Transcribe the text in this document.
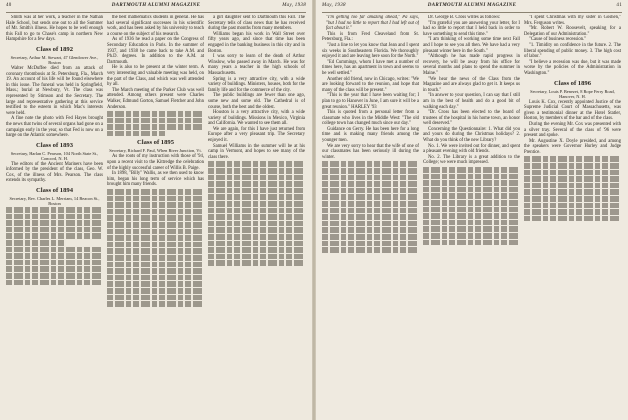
40	DARTMOUTH ALUMNI MAGAZINE	May, 1938

Smith was at her work, a teacher in the Nathan Hale School, but sends one out to all the Summer of Mr. Smith's illness. He hopes to be well enough this Fall to go to Chase's camp in northern New Hampshire for a few days.

Class of 1892
Secretary, Arthur M. Stewart, 47 Glendower Ave., Boston

Walter McDuffee died from an attack of coronary thrombosis at St. Petersburg, Fla., March 19. An account of his life will be found elsewhere in this issue. The funeral was held in Springfield, Mass.; burial at Newbury, Vt. The class was represented by Stimson and the Secretary. The large and representative gathering at this service testified to the esteem in which Mac's interests were held.

A fine note the photo with Fed Hayes brought the news that twins of several organs had gone on a campaign early in the year, so that Fed is now on a barge on the Atlantic somewhere.

Class of 1893
Secretary, Harlan C. Pearson, 104 North State St., Concord, N. H.

The editors of the Ancient Mariners have been informed by the president of the class, Geo. W. Cox, of the illness of Mrs. Pearson. The class extends its sympathy.

Class of 1894
Secretary, Rev. Charles L. Merriam, 14 Beacon St., Boston

the best mathematics students in general. He has had several significant successes in his scientific work, and has been asked by his university to teach a course on the subject of his research.

As of 1936 he read a paper on the Congress of Secondary Education in Paris. In the summer of 1937, and 1938 he came back to take A.M. and Ph.D. degrees. In addition to the A.M. at Dartmouth.

He is also to be present at the winter term. A very interesting and valuable meeting was held, on the part of the Class, and which was well attended by all.

The March meeting of the Parker Club was well attended. Among others present were Charles Walker, Edmund Gorton, Samuel Fletcher and John Anderson.

Class of 1895
Secretary, Richard F. Paul, When River Junction, Vt.

As the roots of my instruction with those of '94, upon a recent visit to the Kittredge the celebration of the highly successful career of Willis B. Paige.

In 1898, "Billy" Wallis, as we then used to know him, began his long term of service which has brought him many friends.

a girl daughter sent to Dartmouth this Fall. The Secretary tells of class news that he has received during the past months from many members.

Williams began his work in Wall Street over fifty years ago, and since that time has been engaged in the banking business in this city and in Boston.

I was sorry to learn of the death of Arthur Winslow, who passed away in March. He was for many years a teacher in the high schools of Massachusetts.

Spring is a very attractive city, with a wide variety of buildings. Ministers, houses, both for the family life and for the commerce of the city.

The public buildings are fewer than one ago, some new and some old. The Cathedral is of course, both the best and the oldest.

Houston is a very attractive city, with a wide variety of buildings. Missions in Mexico, Virginia and California. We wanted to see them all.

We are again, for this I have just returned from Europe after a very pleasant trip. The Secretary enjoyed it.

Samuel Williams in the summer will be at his camp in Vermont, and hopes to see many of the class there.

May, 1938	DARTMOUTH ALUMNI MAGAZINE	41

"I'm getting too far amazing ahead," Pa says, "but I had no little to report that I had left out of fact about it."

This is from Fred Cleaveland from St. Petersburg, Fla.:

"Just a line to let you know that Jean and I spent six weeks in Southeastern Florida. We thoroughly enjoyed it and are leaving here soon for the North."

"Ed Cummings, whom I have met a number of times here, has an apartment in town and seems to be well settled."

Another old friend, now in Chicago, writes: "We are looking forward to the reunion, and hope that many of the class will be present."

"This is the year that I have been waiting for; I plan to go to Hanover in June, I am sure it will be a great reunion." HARLEY '93

This is quoted from a personal letter from a classmate who lives in the Middle West: "The old college town has changed much since our day."

Guidance on Gerry. He has been here for a long time and is making many friends among the younger men.

We are very sorry to hear that the wife of one of our classmates has been seriously ill during the winter.

Dr. George B. Cross writes as follows:

"I'm grateful you are answering your letter, for I had so little to report that I held back in order to have something to send this time."

"I am thinking of working some time next Fall and I hope to see you all then. We have had a very pleasant winter here in the South."

"Although he has made rapid progress in recovery, he will be away from his office for several months and plans to spend the summer in Maine."

"We hear the news of the Class from the Magazine and are always glad to get it. It keeps us in touch."

"In answer to your question, I can say that I still am in the best of health and do a good bit of walking each day."

"Dr. Cross has been elected to the board of trustees of the hospital in his home town, an honor well deserved."

Concerning the Questionnaire: 1. What did you and yours do during the Christmas holidays? 2. What do you think of the new Library?

No. 1. We were invited out for dinner, and spent a pleasant evening with old friends.

No. 2. The Library is a great addition to the College; we were much impressed.

"I spent Christmas with my sister in Goshen," Mrs. Ferguson writes.

"Mr. Robert W. Roosevelt, speaking for a Delegation of our Administration."

"Cause of business recession."

"1. Timidity on confidence in the future. 2. The liberal spending of public money. 3. The high cost of labor."

"I believe a recession was due, but it was made worse by the policies of the Administration in Washington."

Class of 1896
Secretary, Louis P. Benezet, 8 Rope Ferry Road, Hanover, N. H.

Louis K. Cox, recently appointed Justice of the Supreme Judicial Court of Massachusetts, was given a testimonial dinner at the Hotel Statler, Boston, by members of the bar and of the class.

During the evening Mr. Cox was presented with a silver tray. Several of the class of '96 were present and spoke.

Mr. Augustine X. Doyle presided, and among the speakers were Governor Hurley and Judge Prentice.
